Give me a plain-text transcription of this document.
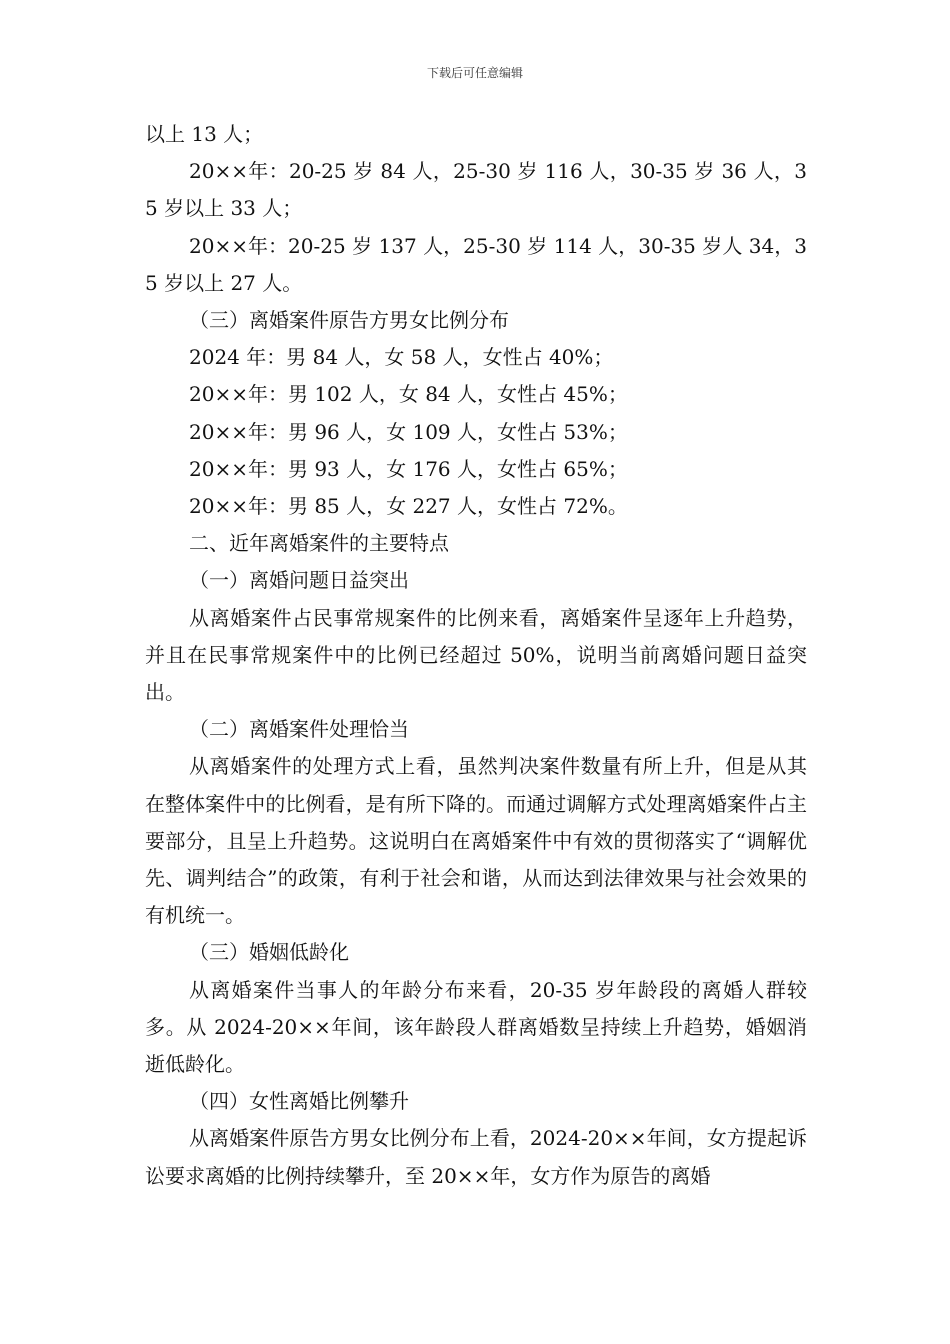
下载后可任意编辑

以上 13 人；

20××年：20-25 岁 84 人，25-30 岁 116 人，30-35 岁 36 人，35 岁以上 33 人；

20××年：20-25 岁 137 人，25-30 岁 114 人，30-35 岁人 34，35 岁以上 27 人。

（三）离婚案件原告方男女比例分布

2024 年：男 84 人，女 58 人，女性占 40%；

20××年：男 102 人，女 84 人，女性占 45%；

20××年：男 96 人，女 109 人，女性占 53%；

20××年：男 93 人，女 176 人，女性占 65%；

20××年：男 85 人，女 227 人，女性占 72%。

二、近年离婚案件的主要特点

（一）离婚问题日益突出

从离婚案件占民事常规案件的比例来看，离婚案件呈逐年上升趋势，并且在民事常规案件中的比例已经超过 50%，说明当前离婚问题日益突出。

（二）离婚案件处理恰当

从离婚案件的处理方式上看，虽然判决案件数量有所上升，但是从其在整体案件中的比例看，是有所下降的。而通过调解方式处理离婚案件占主要部分，且呈上升趋势。这说明白在离婚案件中有效的贯彻落实了“调解优先、调判结合”的政策，有利于社会和谐，从而达到法律效果与社会效果的有机统一。

（三）婚姻低龄化

从离婚案件当事人的年龄分布来看，20-35 岁年龄段的离婚人群较多。从 2024-20××年间，该年龄段人群离婚数呈持续上升趋势，婚姻消逝低龄化。

（四）女性离婚比例攀升

从离婚案件原告方男女比例分布上看，2024-20××年间，女方提起诉讼要求离婚的比例持续攀升，至 20××年，女方作为原告的离婚
